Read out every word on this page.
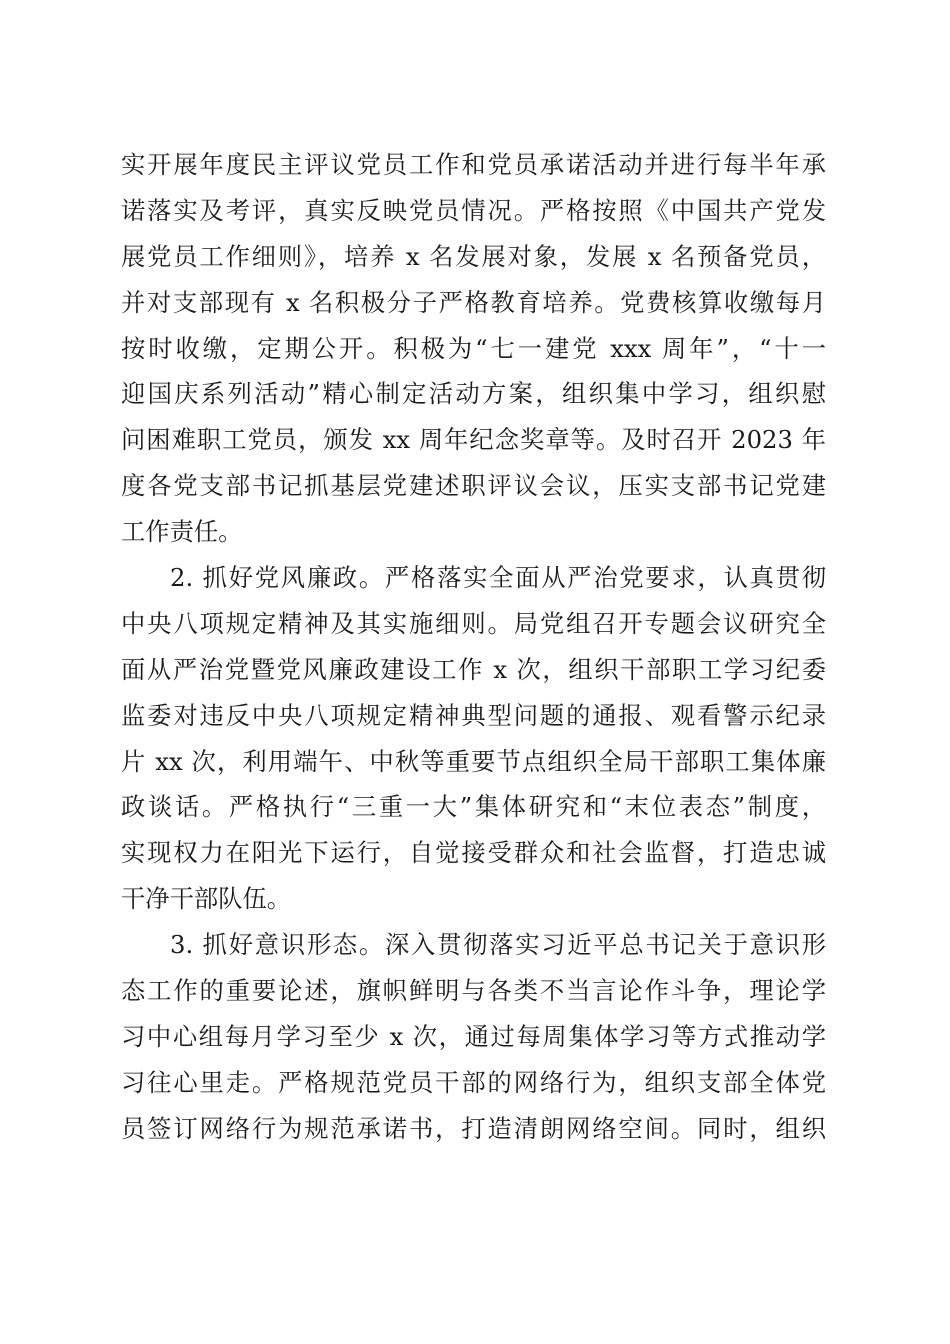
实开展年度民主评议党员工作和党员承诺活动并进行每半年承
诺落实及考评，真实反映党员情况。严格按照《中国共产党发
展党员工作细则》，培养 x 名发展对象，发展 x 名预备党员，
并对支部现有 x 名积极分子严格教育培养。党费核算收缴每月
按时收缴，定期公开。积极为“七一建党 xxx 周年”，“十一
迎国庆系列活动”精心制定活动方案，组织集中学习，组织慰
问困难职工党员，颁发 xx 周年纪念奖章等。及时召开 2023 年
度各党支部书记抓基层党建述职评议会议，压实支部书记党建
工作责任。
2. 抓好党风廉政。严格落实全面从严治党要求，认真贯彻
中央八项规定精神及其实施细则。局党组召开专题会议研究全
面从严治党暨党风廉政建设工作 x 次，组织干部职工学习纪委
监委对违反中央八项规定精神典型问题的通报、观看警示纪录
片 xx 次，利用端午、中秋等重要节点组织全局干部职工集体廉
政谈话。严格执行“三重一大”集体研究和“末位表态”制度，
实现权力在阳光下运行，自觉接受群众和社会监督，打造忠诚
干净干部队伍。
3. 抓好意识形态。深入贯彻落实习近平总书记关于意识形
态工作的重要论述，旗帜鲜明与各类不当言论作斗争，理论学
习中心组每月学习至少 x 次，通过每周集体学习等方式推动学
习往心里走。严格规范党员干部的网络行为，组织支部全体党
员签订网络行为规范承诺书，打造清朗网络空间。同时，组织
